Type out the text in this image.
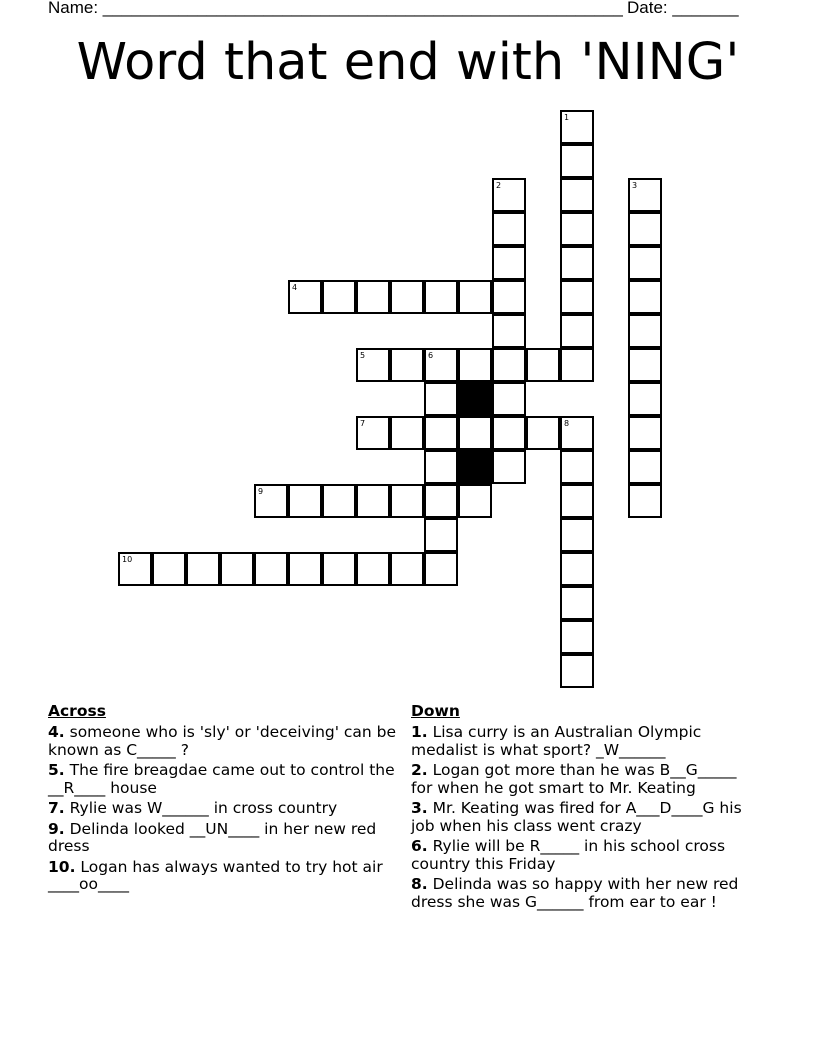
Name: _______________________________________________________ Date: _______
Word that end with 'NING'
1
2	3
4
5	6
7	8
9
10
Across
4. someone who is 'sly' or 'deceiving' can be known as C_____ ?
5. The fire breagdae came out to control the __R____ house
7. Rylie was W______ in cross country
9. Delinda looked __UN____ in her new red dress
10. Logan has always wanted to try hot air ____oo____
Down
1. Lisa curry is an Australian Olympic medalist is what sport? _W______
2. Logan got more than he was B__G_____ for when he got smart to Mr. Keating
3. Mr. Keating was fired for A___D____G his job when his class went crazy
6. Rylie will be R_____ in his school cross country this Friday
8. Delinda was so happy with her new red dress she was G______ from ear to ear !
